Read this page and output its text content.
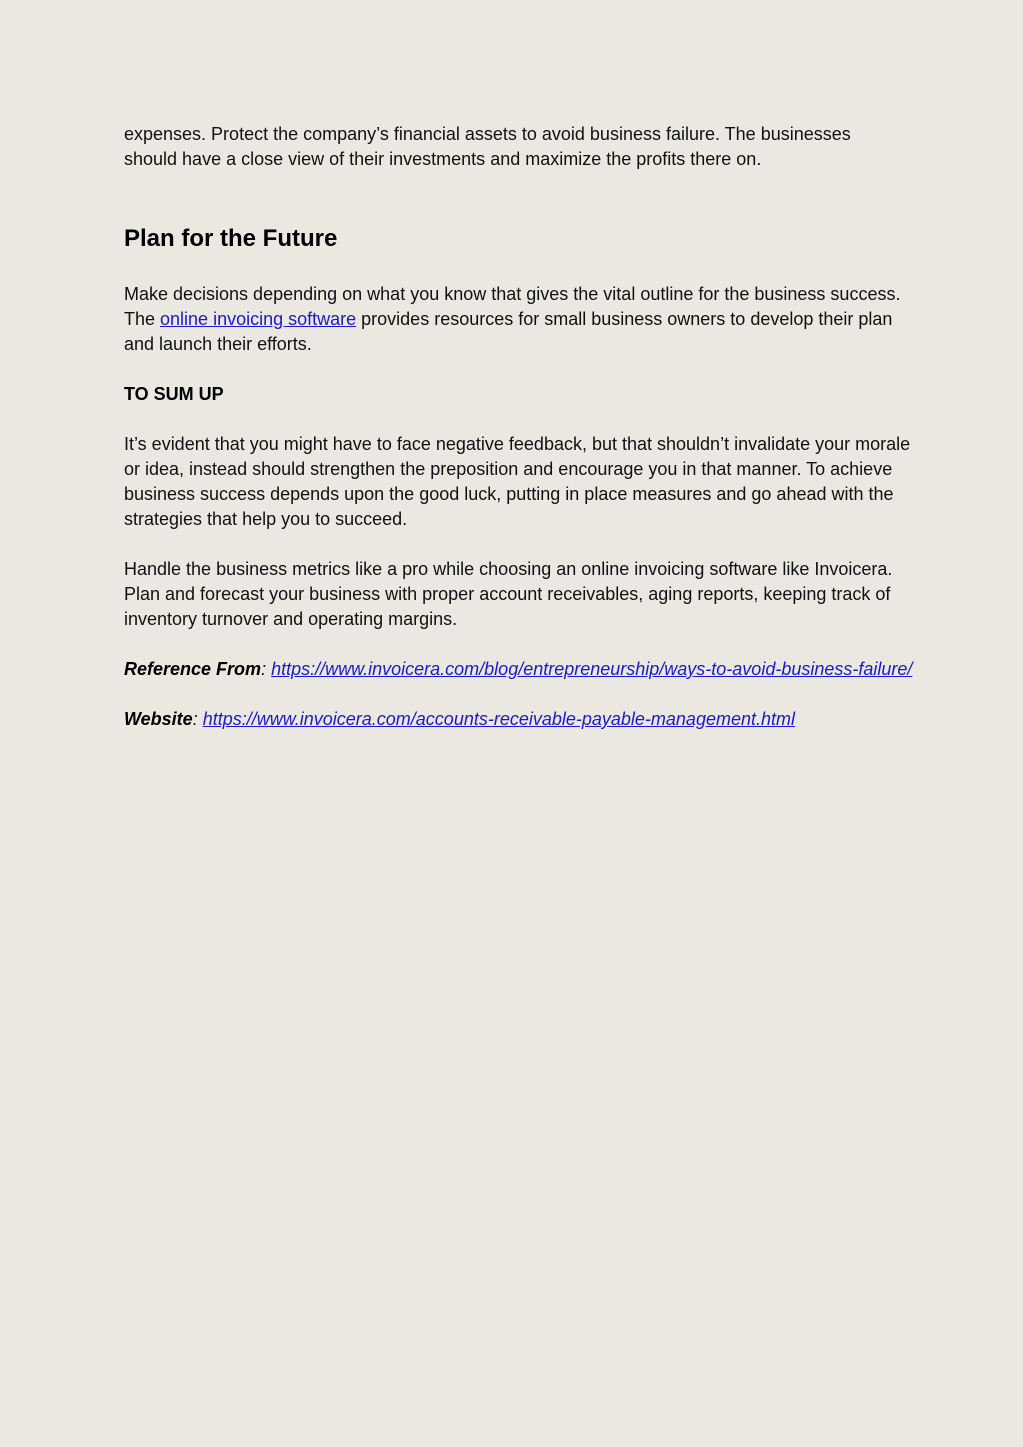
expenses. Protect the company’s financial assets to avoid business failure. The businesses
should have a close view of their investments and maximize the profits there on.

Plan for the Future

Make decisions depending on what you know that gives the vital outline for the business success. The online invoicing software provides resources for small business owners to develop their plan and launch their efforts.

TO SUM UP

It’s evident that you might have to face negative feedback, but that shouldn’t invalidate your morale or idea, instead should strengthen the preposition and encourage you in that manner. To achieve business success depends upon the good luck, putting in place measures and go ahead with the strategies that help you to succeed.

Handle the business metrics like a pro while choosing an online invoicing software like Invoicera. Plan and forecast your business with proper account receivables, aging reports, keeping track of inventory turnover and operating margins.

Reference From: https://www.invoicera.com/blog/entrepreneurship/ways-to-avoid-business-failure/

Website: https://www.invoicera.com/accounts-receivable-payable-management.html
